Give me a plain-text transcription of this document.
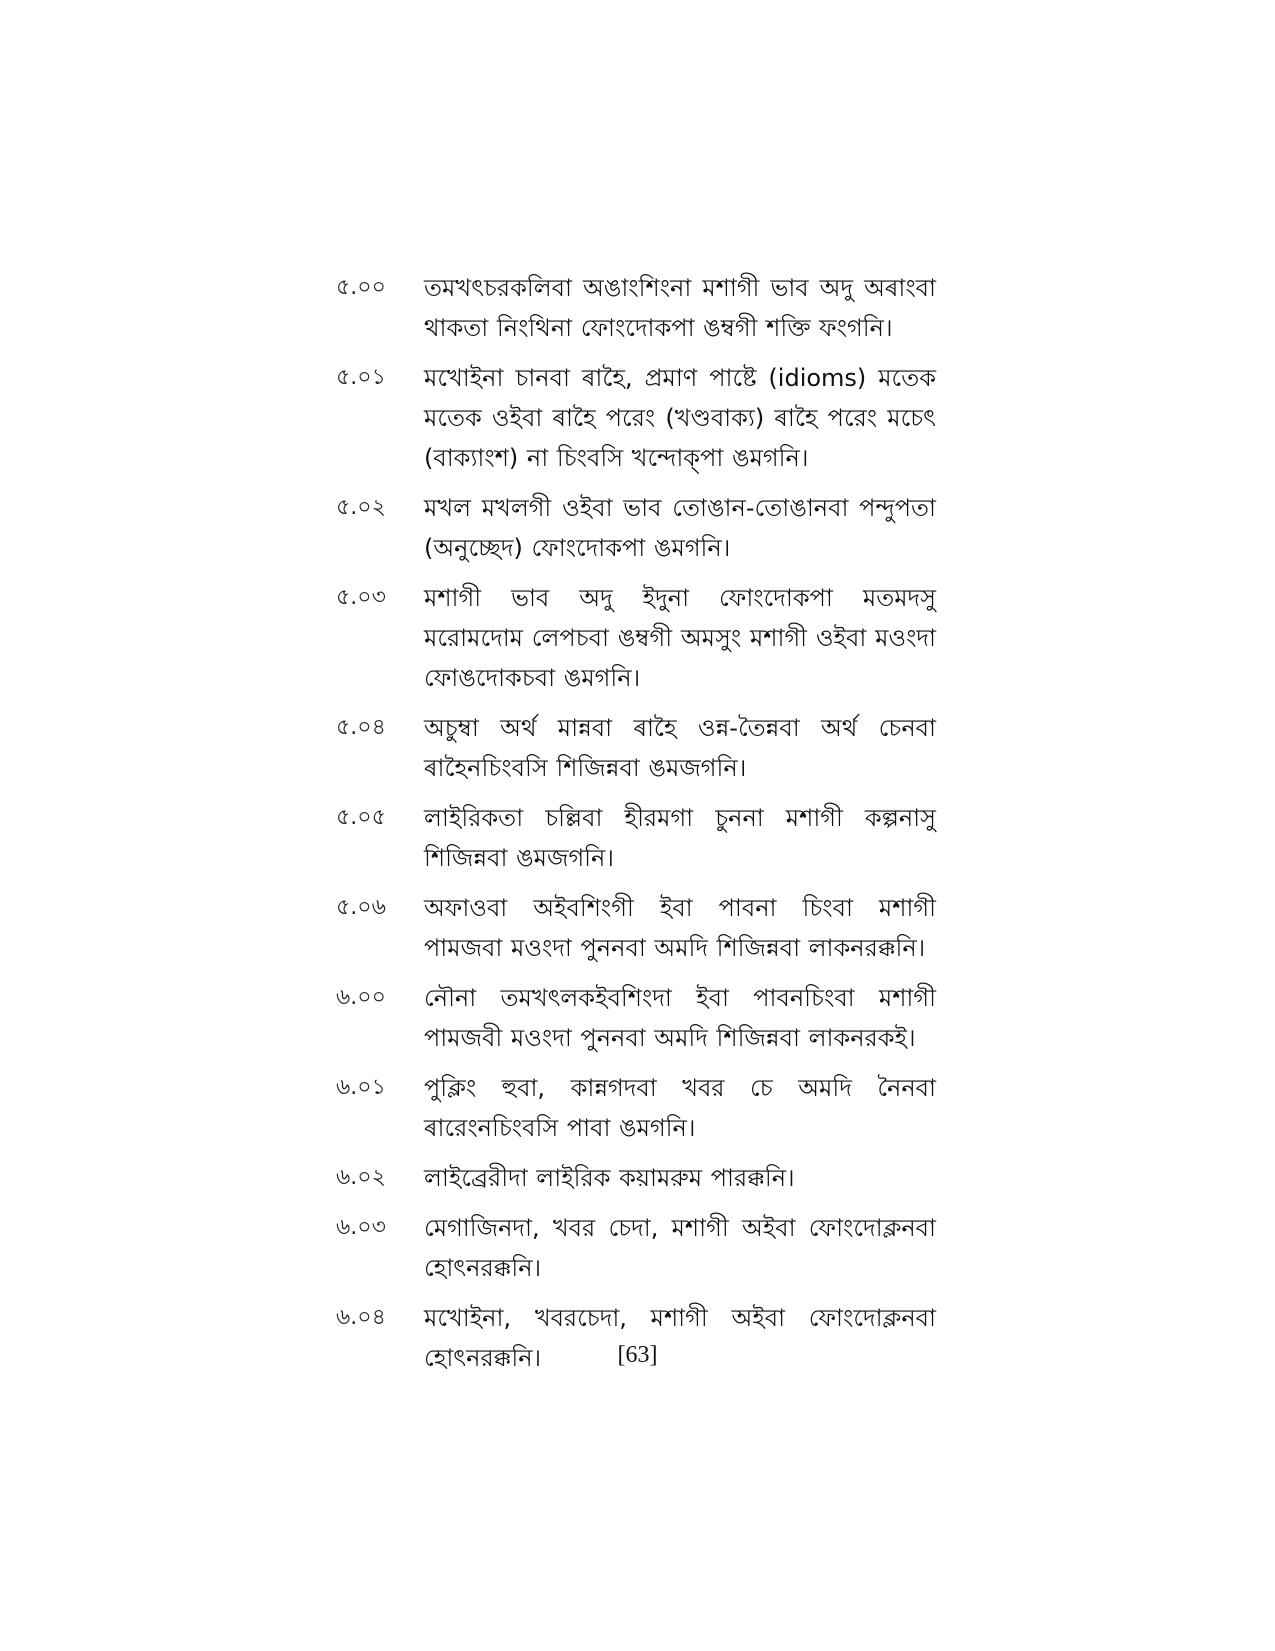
৫.০০	তমখৎচরকলিবা অঙাংশিংনা মশাগী ভাব অদু অৰাংবা থাকতা নিংথিনা ফোংদোকপা ঙম্বগী শক্তি ফংগনি।
৫.০১	মখোইনা চানবা ৰাহৈ, প্রমাণ পাষ্টে (idioms) মতেক মতেক ওইবা ৰাহৈ পরেং (খণ্ডবাক্য) ৰাহৈ পরেং মচেৎ (বাক্যাংশ) না চিংবসি খন্দোক্পা ঙমগনি।
৫.০২	মখল মখলগী ওইবা ভাব তোঙান-তোঙানবা পন্দুপতা (অনুচ্ছেদ) ফোংদোকপা ঙমগনি।
৫.০৩	মশাগী ভাব অদু ইদুনা ফোংদোকপা মতমদসু মরোমদোম লেপচবা ঙম্বগী অমসুং মশাগী ওইবা মওংদা ফোঙদোকচবা ঙমগনি।
৫.০৪	অচুম্বা অর্থ মান্নবা ৰাহৈ ওন্ন-তৈন্নবা অর্থ চেনবা ৰাহৈনচিংবসি শিজিন্নবা ঙমজগনি।
৫.০৫	লাইরিকতা চল্লিবা হীরমগা চুননা মশাগী কল্পনাসু শিজিন্নবা ঙমজগনি।
৫.০৬	অফাওবা অইবশিংগী ইবা পাবনা চিংবা মশাগী পামজবা মওংদা পুননবা অমদি শিজিন্নবা লাকনরক্কনি।
৬.০০	নৌনা তমখৎলকইবশিংদা ইবা পাবনচিংবা মশাগী পামজবী মওংদা পুননবা অমদি শিজিন্নবা লাকনরকই।
৬.০১	পুক্লিং হুবা, কান্নগদবা খবর চে অমদি নৈনবা ৰারেংনচিংবসি পাবা ঙমগনি।
৬.০২	লাইব্রেরীদা লাইরিক কয়ামরুম পারক্কনি।
৬.০৩	মেগাজিনদা, খবর চেদা, মশাগী অইবা ফোংদোক্লনবা হোৎনরক্কনি।
৬.০৪	মখোইনা, খবরচেদা, মশাগী অইবা ফোংদোক্লনবা হোৎনরক্কনি।	[63]
